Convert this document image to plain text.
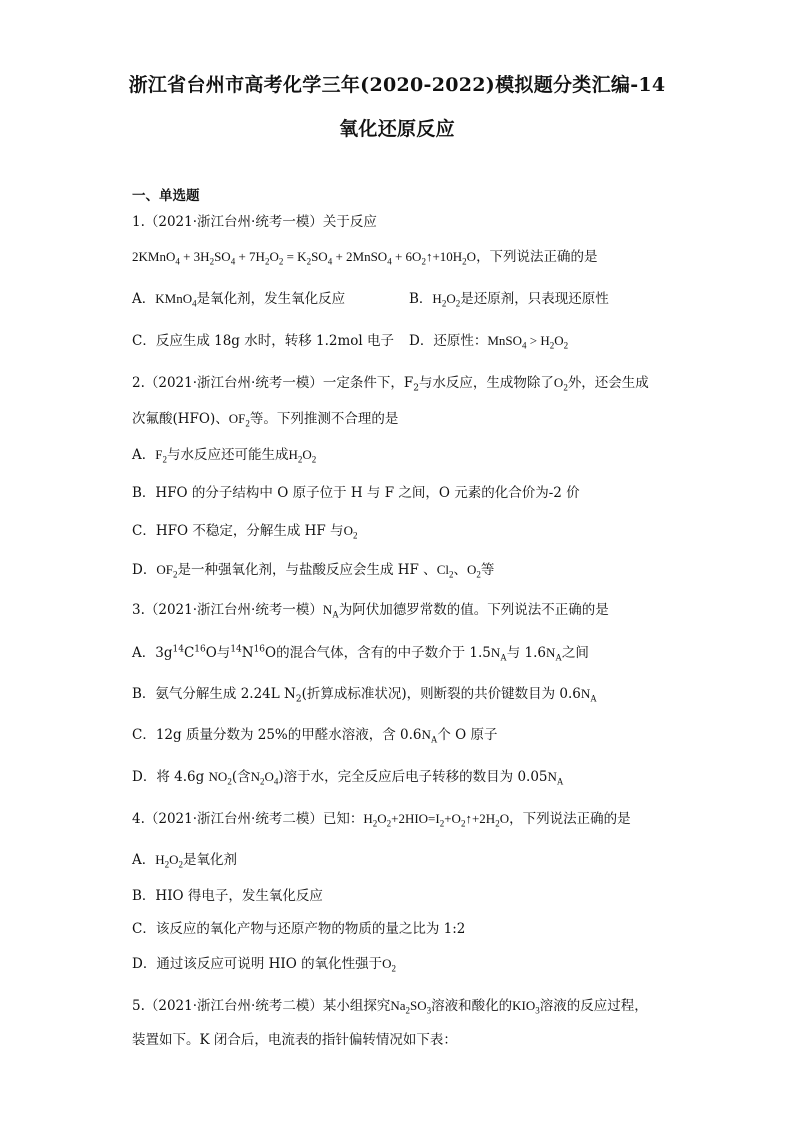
浙江省台州市高考化学三年(2020-2022)模拟题分类汇编-14
氧化还原反应
一、单选题
1.（2021·浙江台州·统考一模）关于反应
2KMnO$_4$ + $3H_2SO_4 + 7H_2O_2 = K_2SO_4$ + 2MnSO$_4$ + $6O_2↑+10H_2O$，下列说法正确的是
A．KMnO$_4$是氧化剂，发生氧化反应	B．$H_2O_2$是还原剂，只表现还原性
C．反应生成 18g 水时，转移 1.2mol 电子 D．还原性：MnSO$_4$ > $H_2O_2$
2.（2021·浙江台州·统考一模）一定条件下，$F_2$与水反应，生成物除了$O_2$外，还会生成
次氟酸(HFO)、$OF_2$等。下列推测不合理的是
A．$F_2$与水反应还可能生成$H_2O_2$
B．HFO 的分子结构中 O 原子位于 H 与 F 之间，O 元素的化合价为-2 价
C．HFO 不稳定，分解生成 HF 与$O_2$
D．$OF_2$是一种强氧化剂，与盐酸反应会生成 HF 、$Cl_2$、$O_2$等
3.（2021·浙江台州·统考一模）$N_A$为阿伏加德罗常数的值。下列说法不正确的是
A．$3g^{14}C^{16}O$与$^{14}N^{16}O$的混合气体，含有的中子数介于 $1.5N_A$与 $1.6N_A$之间
B．氨气分解生成 2.24L $N_2$(折算成标准状况)，则断裂的共价键数目为 $0.6N_A$
C．12g 质量分数为 25%的甲醛水溶液，含 $0.6N_A$个 O 原子
D．将 4.6g $NO_2$(含$N_2O_4$)溶于水，完全反应后电子转移的数目为 $0.05N_A$
4.（2021·浙江台州·统考二模）已知：$H_2O_2+2HIO=I_2+O_2↑+2H_2O$，下列说法正确的是
A．$H_2O_2$是氧化剂
B．HIO 得电子，发生氧化反应
C．该反应的氧化产物与还原产物的物质的量之比为 1:2
D．通过该反应可说明 HIO 的氧化性强于$O_2$
5.（2021·浙江台州·统考二模）某小组探究$Na_2SO_3$溶液和酸化的$KIO_3$溶液的反应过程，
装置如下。K 闭合后，电流表的指针偏转情况如下表：
